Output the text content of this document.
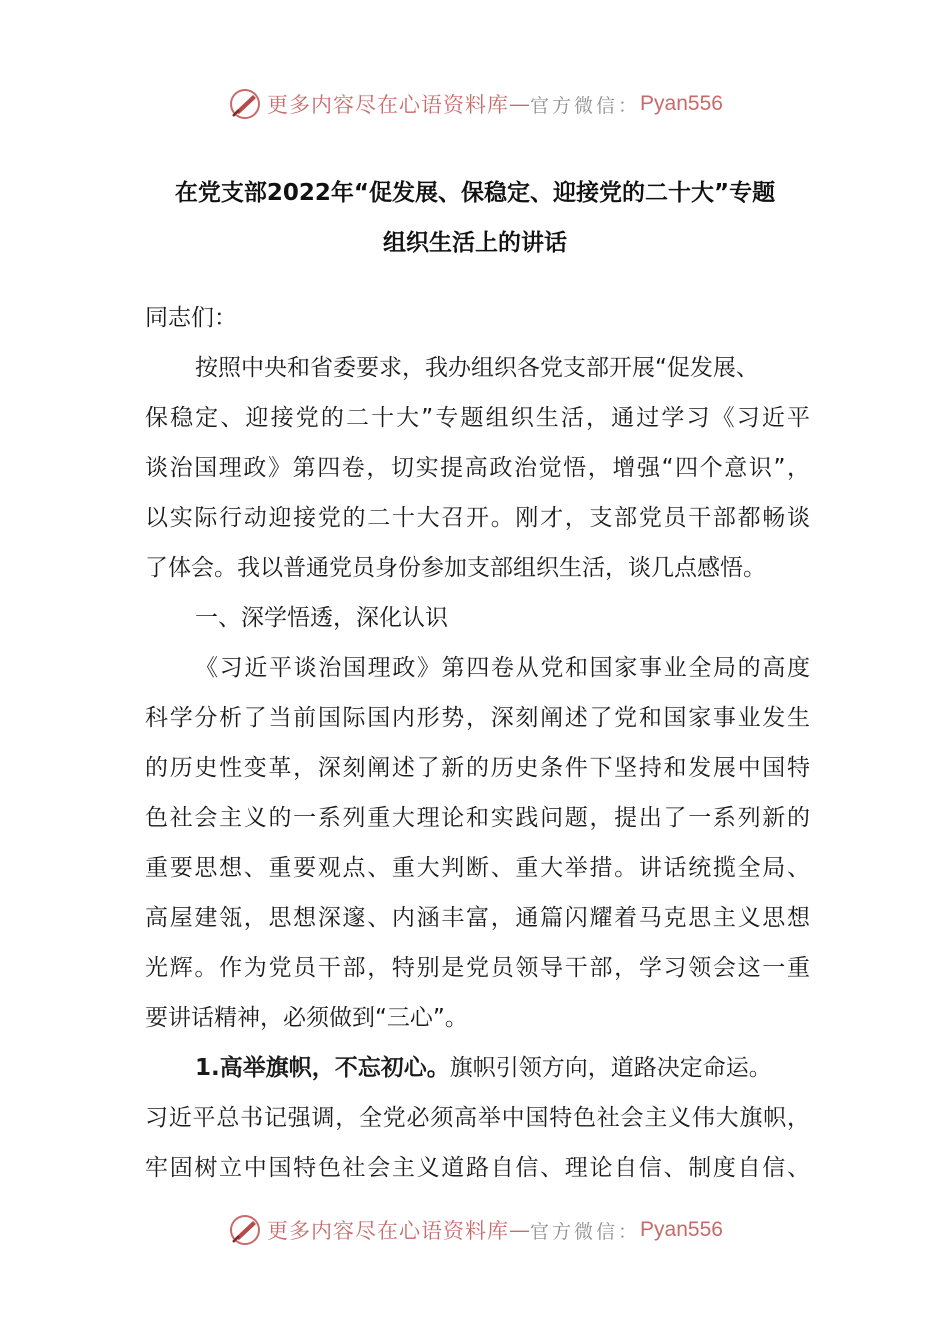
更多内容尽在心语资料库 — 官方微信： Pyan556
在党支部2022年“促发展、保稳定、迎接党的二十大”专题
组织生活上的讲话
同志们：
按照中央和省委要求，我办组织各党支部开展“促发展、
保稳定、迎接党的二十大”专题组织生活，通过学习《习近平
谈治国理政》第四卷，切实提高政治觉悟，增强“四个意识”，
以实际行动迎接党的二十大召开。刚才，支部党员干部都畅谈
了体会。我以普通党员身份参加支部组织生活，谈几点感悟。
一、深学悟透，深化认识
《习近平谈治国理政》第四卷从党和国家事业全局的高度
科学分析了当前国际国内形势，深刻阐述了党和国家事业发生
的历史性变革，深刻阐述了新的历史条件下坚持和发展中国特
色社会主义的一系列重大理论和实践问题，提出了一系列新的
重要思想、重要观点、重大判断、重大举措。讲话统揽全局、
高屋建瓴，思想深邃、内涵丰富，通篇闪耀着马克思主义思想
光辉。作为党员干部，特别是党员领导干部，学习领会这一重
要讲话精神，必须做到“三心”。
1.高举旗帜，不忘初心。旗帜引领方向，道路决定命运。
习近平总书记强调，全党必须高举中国特色社会主义伟大旗帜，
牢固树立中国特色社会主义道路自信、理论自信、制度自信、
更多内容尽在心语资料库 — 官方微信： Pyan556
